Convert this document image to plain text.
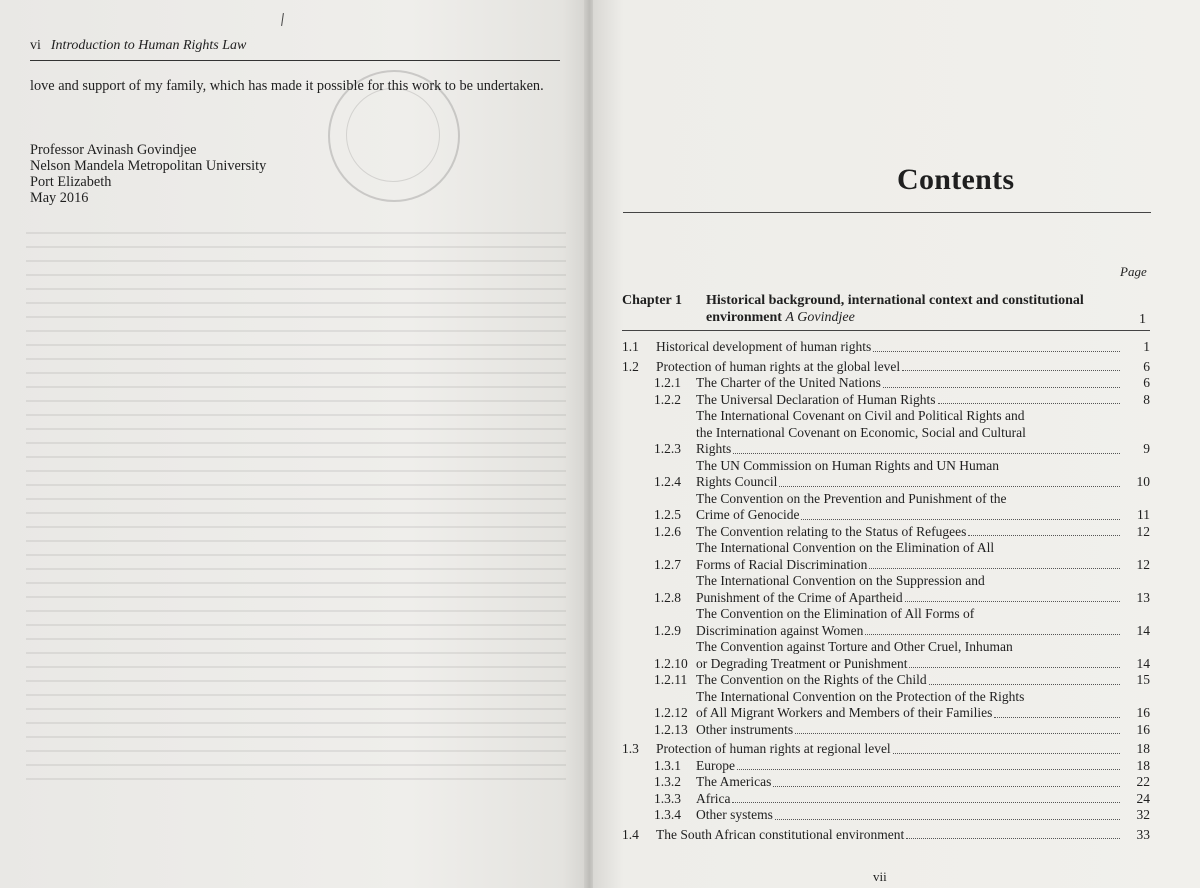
vi Introduction to Human Rights Law
love and support of my family, which has made it possible for this work to be undertaken.
Professor Avinash Govindjee
Nelson Mandela Metropolitan University
Port Elizabeth
May 2016
Contents
Page
Chapter 1 Historical background, international context and constitutional environment A Govindjee	1
1.1	Historical development of human rights	1
1.2	Protection of human rights at the global level	6
1.2.1	The Charter of the United Nations	6
1.2.2	The Universal Declaration of Human Rights	8
1.2.3
The International Covenant on Civil and Political Rights and
the International Covenant on Economic, Social and Cultural
Rights	9
1.2.4
The UN Commission on Human Rights and UN Human
Rights Council	10
1.2.5
The Convention on the Prevention and Punishment of the
Crime of Genocide	11
1.2.6	The Convention relating to the Status of Refugees	12
1.2.7
The International Convention on the Elimination of All
Forms of Racial Discrimination	12
1.2.8
The International Convention on the Suppression and
Punishment of the Crime of Apartheid	13
1.2.9
The Convention on the Elimination of All Forms of
Discrimination against Women	14
1.2.10
The Convention against Torture and Other Cruel, Inhuman
or Degrading Treatment or Punishment	14
1.2.11 The Convention on the Rights of the Child	15
1.2.12
The International Convention on the Protection of the Rights
of All Migrant Workers and Members of their Families	16
1.2.13 Other instruments	16
1.3	Protection of human rights at regional level	18
1.3.1	Europe	18
1.3.2	The Americas	22
1.3.3	Africa	24
1.3.4	Other systems	32
1.4	The South African constitutional environment	33
vii
